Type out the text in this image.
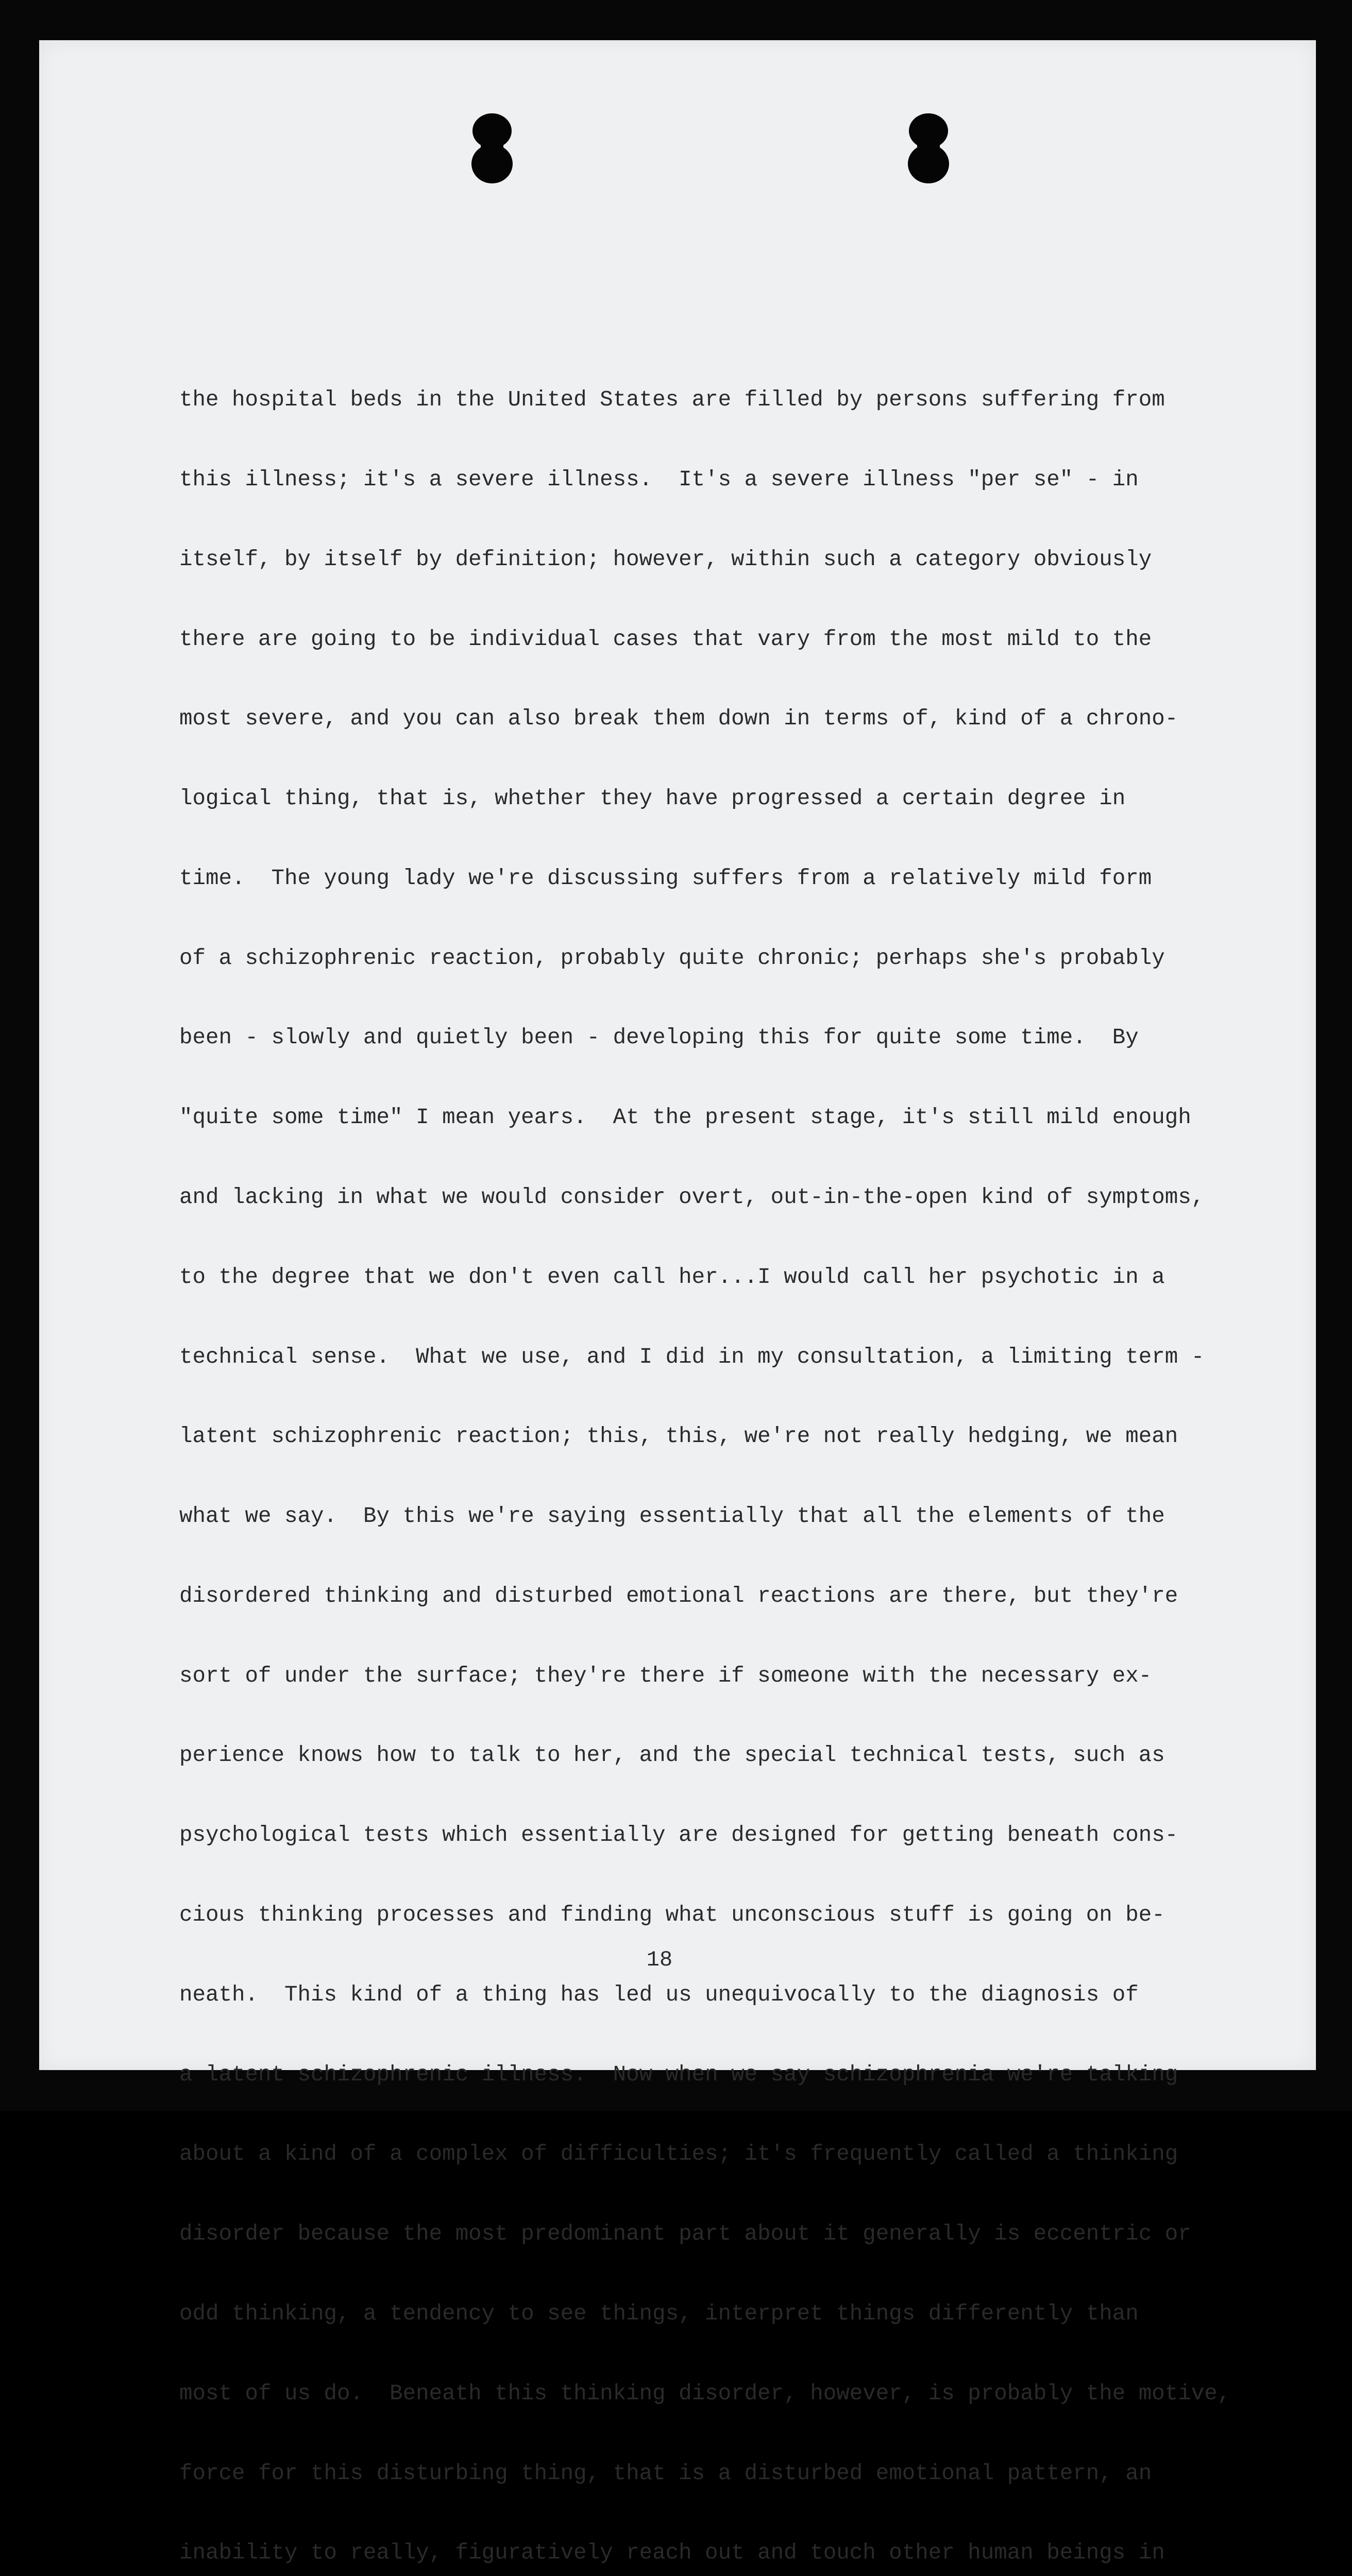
the hospital beds in the United States are filled by persons suffering from

this illness; it's a severe illness.  It's a severe illness "per se" - in

itself, by itself by definition; however, within such a category obviously

there are going to be individual cases that vary from the most mild to the

most severe, and you can also break them down in terms of, kind of a chrono-

logical thing, that is, whether they have progressed a certain degree in

time.  The young lady we're discussing suffers from a relatively mild form

of a schizophrenic reaction, probably quite chronic; perhaps she's probably

been - slowly and quietly been - developing this for quite some time.  By

"quite some time" I mean years.  At the present stage, it's still mild enough

and lacking in what we would consider overt, out-in-the-open kind of symptoms,

to the degree that we don't even call her...I would call her psychotic in a

technical sense.  What we use, and I did in my consultation, a limiting term -

latent schizophrenic reaction; this, this, we're not really hedging, we mean

what we say.  By this we're saying essentially that all the elements of the

disordered thinking and disturbed emotional reactions are there, but they're

sort of under the surface; they're there if someone with the necessary ex-

perience knows how to talk to her, and the special technical tests, such as

psychological tests which essentially are designed for getting beneath cons-

cious thinking processes and finding what unconscious stuff is going on be-

neath.  This kind of a thing has led us unequivocally to the diagnosis of

a latent schizophrenic illness.  Now when we say schizophrenia we're talking

about a kind of a complex of difficulties; it's frequently called a thinking

disorder because the most predominant part about it generally is eccentric or

odd thinking, a tendency to see things, interpret things differently than

most of us do.  Beneath this thinking disorder, however, is probably the motive,

force for this disturbing thing, that is a disturbed emotional pattern, an

inability to really, figuratively reach out and touch other human beings in

18
